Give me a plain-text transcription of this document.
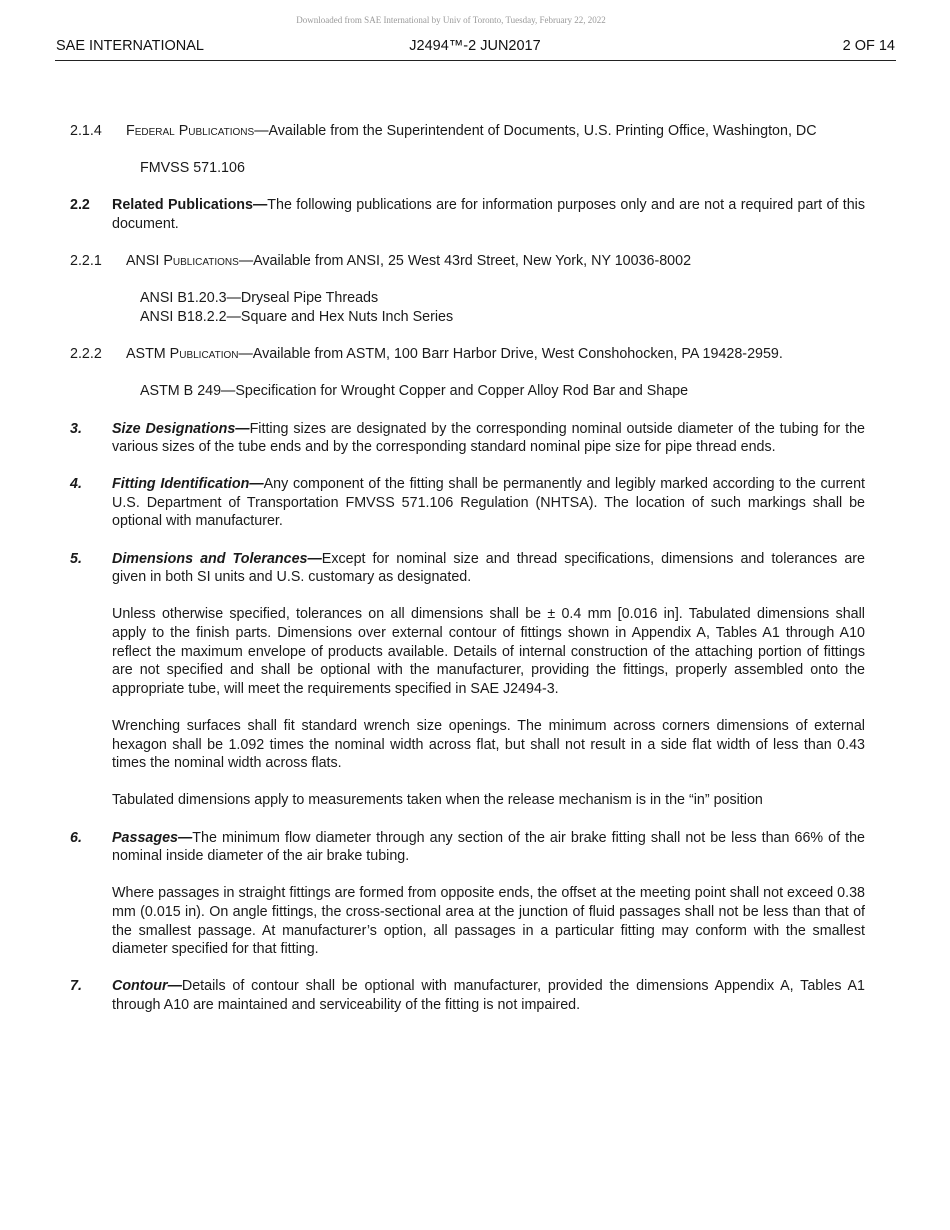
Downloaded from SAE International by Univ of Toronto, Tuesday, February 22, 2022
SAE INTERNATIONAL	J2494™-2 JUN2017	2 OF 14
2.1.4	Federal Publications—Available from the Superintendent of Documents, U.S. Printing Office, Washington, DC
FMVSS 571.106
2.2	Related Publications—The following publications are for information purposes only and are not a required part of this document.
2.2.1	ANSI Publications—Available from ANSI, 25 West 43rd Street, New York, NY 10036-8002
ANSI B1.20.3—Dryseal Pipe Threads
ANSI B18.2.2—Square and Hex Nuts Inch Series
2.2.2	ASTM Publication—Available from ASTM, 100 Barr Harbor Drive, West Conshohocken, PA 19428-2959.
ASTM B 249—Specification for Wrought Copper and Copper Alloy Rod Bar and Shape
3.	Size Designations—Fitting sizes are designated by the corresponding nominal outside diameter of the tubing for the various sizes of the tube ends and by the corresponding standard nominal pipe size for pipe thread ends.
4.	Fitting Identification—Any component of the fitting shall be permanently and legibly marked according to the current U.S. Department of Transportation FMVSS 571.106 Regulation (NHTSA). The location of such markings shall be optional with manufacturer.
5.	Dimensions and Tolerances—Except for nominal size and thread specifications, dimensions and tolerances are given in both SI units and U.S. customary as designated.
Unless otherwise specified, tolerances on all dimensions shall be ± 0.4 mm [0.016 in]. Tabulated dimensions shall apply to the finish parts. Dimensions over external contour of fittings shown in Appendix A, Tables A1 through A10 reflect the maximum envelope of products available. Details of internal construction of the attaching portion of fittings are not specified and shall be optional with the manufacturer, providing the fittings, properly assembled onto the appropriate tube, will meet the requirements specified in SAE J2494-3.
Wrenching surfaces shall fit standard wrench size openings. The minimum across corners dimensions of external hexagon shall be 1.092 times the nominal width across flat, but shall not result in a side flat width of less than 0.43 times the nominal width across flats.
Tabulated dimensions apply to measurements taken when the release mechanism is in the “in” position
6.	Passages—The minimum flow diameter through any section of the air brake fitting shall not be less than 66% of the nominal inside diameter of the air brake tubing.
Where passages in straight fittings are formed from opposite ends, the offset at the meeting point shall not exceed 0.38 mm (0.015 in). On angle fittings, the cross-sectional area at the junction of fluid passages shall not be less than that of the smallest passage. At manufacturer’s option, all passages in a particular fitting may conform with the smallest diameter specified for that fitting.
7.	Contour—Details of contour shall be optional with manufacturer, provided the dimensions Appendix A, Tables A1 through A10 are maintained and serviceability of the fitting is not impaired.
